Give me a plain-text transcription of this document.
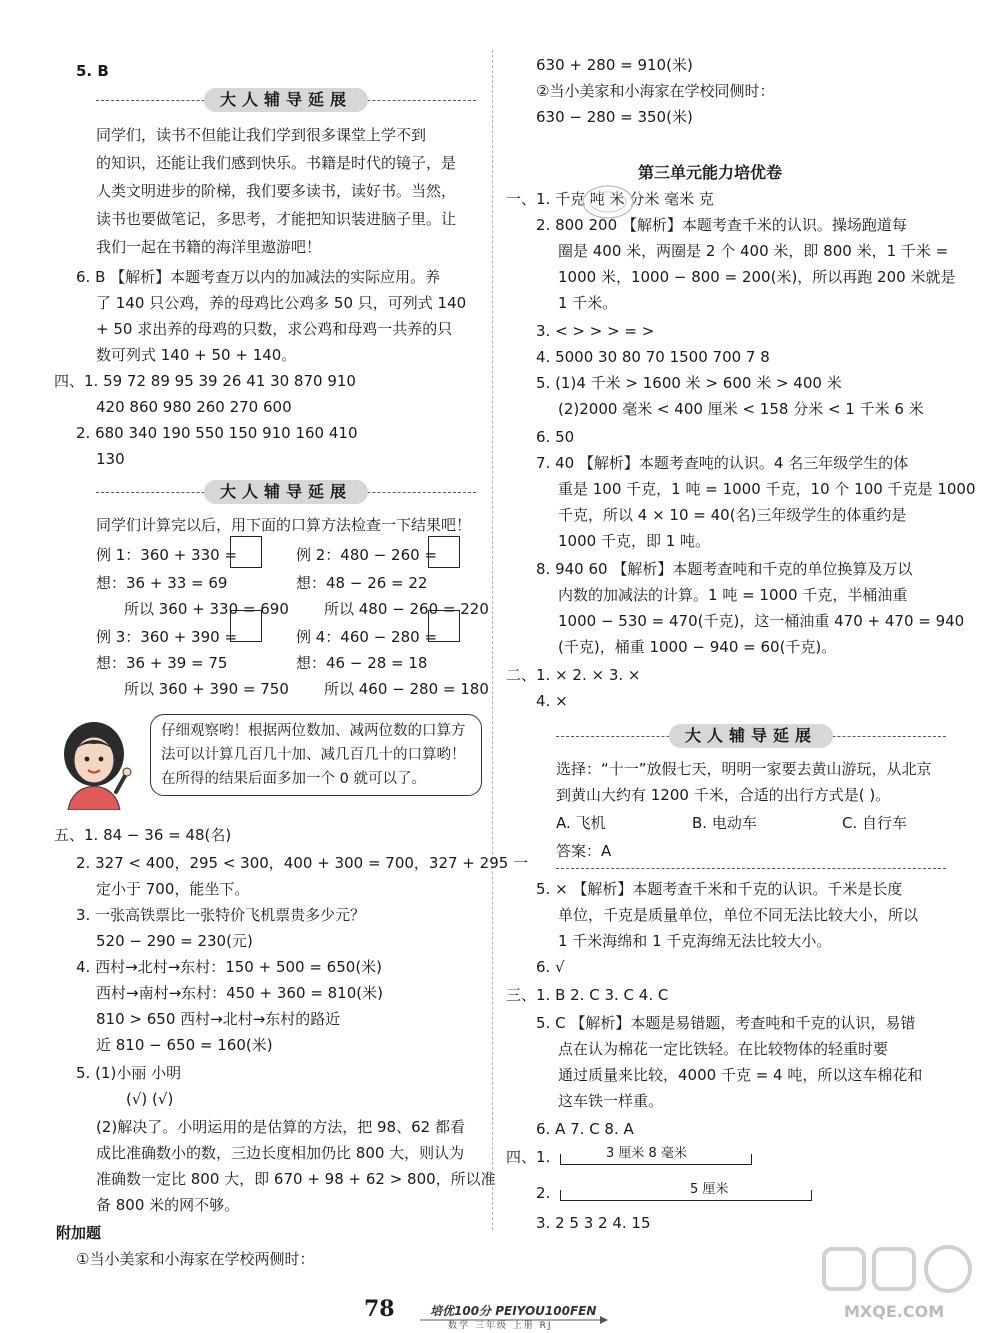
5. B
大人辅导延展
同学们，读书不但能让我们学到很多课堂上学不到
的知识，还能让我们感到快乐。书籍是时代的镜子，是
人类文明进步的阶梯，我们要多读书，读好书。当然，
读书也要做笔记，多思考，才能把知识装进脑子里。让
我们一起在书籍的海洋里遨游吧！
6. B 【解析】本题考查万以内的加减法的实际应用。养
了 140 只公鸡，养的母鸡比公鸡多 50 只，可列式 140
+ 50 求出养的母鸡的只数，求公鸡和母鸡一共养的只
数可列式 140 + 50 + 140。
四、1. 59 72 89 95 39 26 41 30 870 910
420 860 980 260 270 600
2. 680 340 190 550 150 910 160 410
130
大人辅导延展
同学们计算完以后，用下面的口算方法检查一下结果吧！
例 1：360 + 330 =	例 2：480 − 260 =
想：36 + 33 = 69	想：48 − 26 = 22
所以 360 + 330 = 690 所以 480 − 260 = 220
例 3：360 + 390 =	例 4：460 − 280 =
想：36 + 39 = 75	想：46 − 28 = 18
所以 360 + 390 = 750 所以 460 − 280 = 180
仔细观察哟！根据两位数加、减两位数的口算方法可以计算几百几十加、减几百几十的口算哟！在所得的结果后面多加一个 0 就可以了。
五、1. 84 − 36 = 48(名)
2. 327 < 400，295 < 300，400 + 300 = 700，327 + 295 一
定小于 700，能坐下。
3. 一张高铁票比一张特价飞机票贵多少元？
520 − 290 = 230(元)
4. 西村→北村→东村：150 + 500 = 650(米)
西村→南村→东村：450 + 360 = 810(米)
810 > 650 西村→北村→东村的路近
近 810 − 650 = 160(米)
5. (1)小丽 小明
(√) (√)
(2)解决了。小明运用的是估算的方法，把 98、62 都看
成比准确数小的数，三边长度相加仍比 800 大，则认为
准确数一定比 800 大，即 670 + 98 + 62 > 800，所以准
备 800 米的网不够。
附加题
①当小美家和小海家在学校两侧时：
630 + 280 = 910(米)
②当小美家和小海家在学校同侧时：
630 − 280 = 350(米)
第三单元能力培优卷
一、1. 千克 吨 米 分米 毫米 克
2. 800 200 【解析】本题考查千米的认识。操场跑道每
圈是 400 米，两圈是 2 个 400 米，即 800 米，1 千米 =
1000 米，1000 − 800 = 200(米)，所以再跑 200 米就是
1 千米。
3. < > > > = >
4. 5000 30 80 70 1500 700 7 8
5. (1)4 千米 > 1600 米 > 600 米 > 400 米
(2)2000 毫米 < 400 厘米 < 158 分米 < 1 千米 6 米
6. 50
7. 40 【解析】本题考查吨的认识。4 名三年级学生的体
重是 100 千克，1 吨 = 1000 千克，10 个 100 千克是 1000
千克，所以 4 × 10 = 40(名)三年级学生的体重约是
1000 千克，即 1 吨。
8. 940 60 【解析】本题考查吨和千克的单位换算及万以
内数的加减法的计算。1 吨 = 1000 千克，半桶油重
1000 − 530 = 470(千克)，这一桶油重 470 + 470 = 940
(千克)，桶重 1000 − 940 = 60(千克)。
二、1. × 2. × 3. ×
4. ×
大人辅导延展
选择：“十一”放假七天，明明一家要去黄山游玩，从北京
到黄山大约有 1200 千米，合适的出行方式是( )。
A. 飞机	B. 电动车	C. 自行车
答案：A
5. × 【解析】本题考查千米和千克的认识。千米是长度
单位，千克是质量单位，单位不同无法比较大小，所以
1 千米海绵和 1 千克海绵无法比较大小。
6. √
三、1. B 2. C 3. C 4. C
5. C 【解析】本题是易错题，考查吨和千克的认识，易错
点在认为棉花一定比铁轻。在比较物体的轻重时要
通过质量来比较，4000 千克 = 4 吨，所以这车棉花和
这车铁一样重。
6. A 7. C 8. A
四、1.	3 厘米 8 毫米
2.	5 厘米
3. 2 5 3 2 4. 15
78	培优100分 PEIYOU100FEN
数学 三年级 上册 RJ
MXQE.COM
